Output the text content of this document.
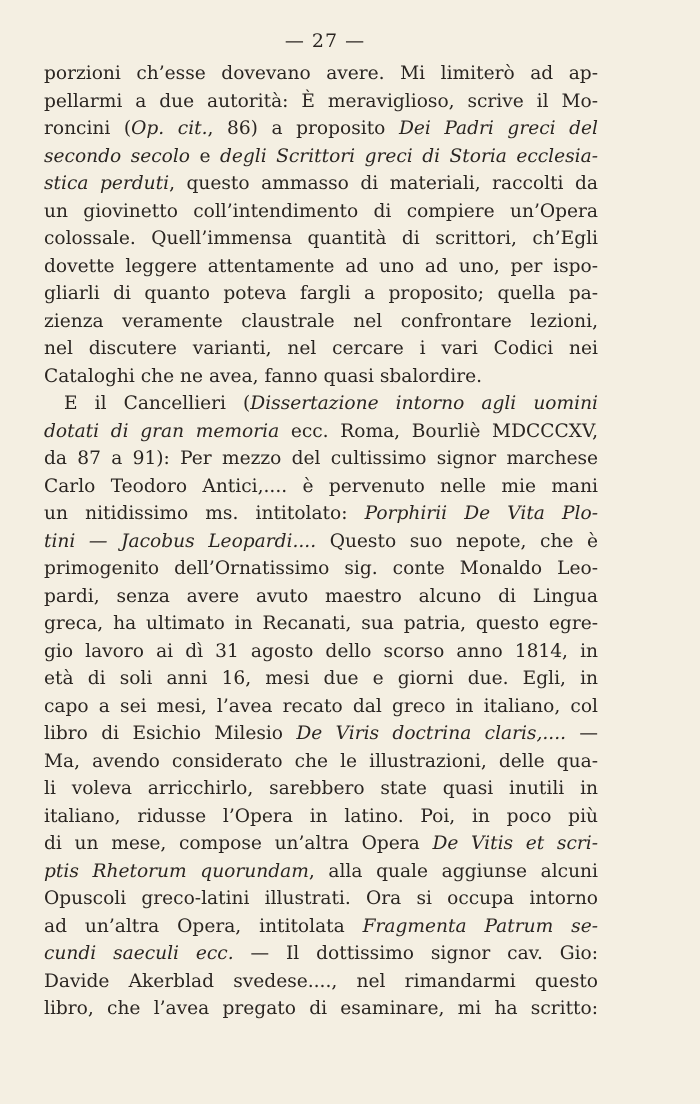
— 27 —
porzioni ch’esse dovevano avere. Mi limiterò ad ap-
pellarmi a due autorità: È meraviglioso, scrive il Mo-
roncini (Op. cit., 86) a proposito Dei Padri greci del
secondo secolo e degli Scrittori greci di Storia ecclesia-
stica perduti, questo ammasso di materiali, raccolti da
un giovinetto coll’intendimento di compiere un’Opera
colossale. Quell’immensa quantità di scrittori, ch’Egli
dovette leggere attentamente ad uno ad uno, per ispo-
gliarli di quanto poteva fargli a proposito; quella pa-
zienza veramente claustrale nel confrontare lezioni,
nel discutere varianti, nel cercare i vari Codici nei
Cataloghi che ne avea, fanno quasi sbalordire.
E il Cancellieri (Dissertazione intorno agli uomini
dotati di gran memoria ecc. Roma, Bourliè MDCCCXV,
da 87 a 91): Per mezzo del cultissimo signor marchese
Carlo Teodoro Antici,.... è pervenuto nelle mie mani
un nitidissimo ms. intitolato: Porphirii De Vita Plo-
tini — Jacobus Leopardi.... Questo suo nepote, che è
primogenito dell’Ornatissimo sig. conte Monaldo Leo-
pardi, senza avere avuto maestro alcuno di Lingua
greca, ha ultimato in Recanati, sua patria, questo egre-
gio lavoro ai dì 31 agosto dello scorso anno 1814, in
età di soli anni 16, mesi due e giorni due. Egli, in
capo a sei mesi, l’avea recato dal greco in italiano, col
libro di Esichio Milesio De Viris doctrina claris,.... —
Ma, avendo considerato che le illustrazioni, delle qua-
li voleva arricchirlo, sarebbero state quasi inutili in
italiano, ridusse l’Opera in latino. Poi, in poco più
di un mese, compose un’altra Opera De Vitis et scri-
ptis Rhetorum quorundam, alla quale aggiunse alcuni
Opuscoli greco-latini illustrati. Ora si occupa intorno
ad un’altra Opera, intitolata Fragmenta Patrum se-
cundi saeculi ecc. — Il dottissimo signor cav. Gio:
Davide Akerblad svedese...., nel rimandarmi questo
libro, che l’avea pregato di esaminare, mi ha scritto:
